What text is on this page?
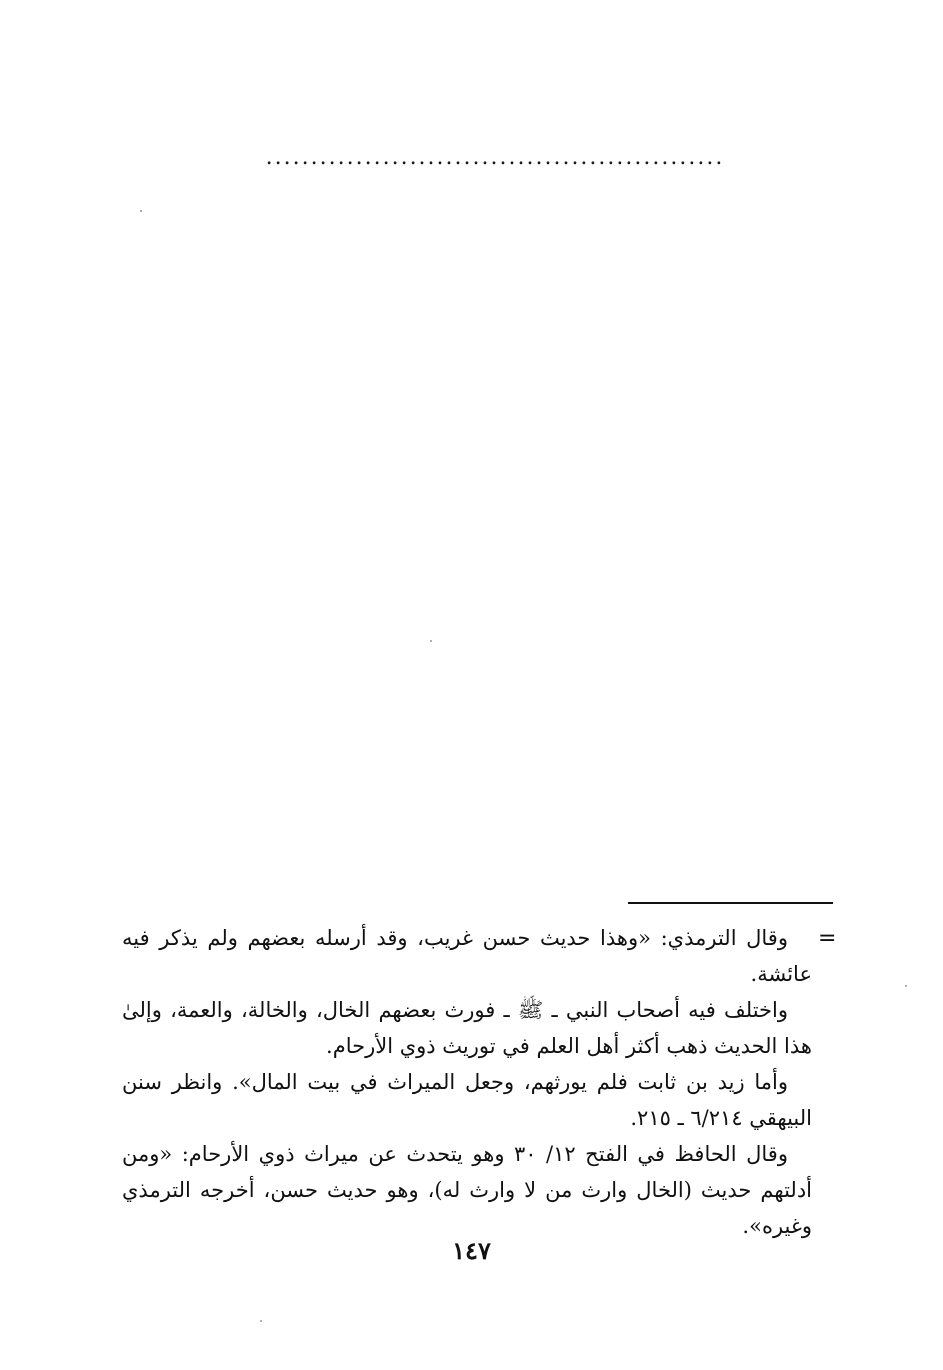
...................................................
=

وقال الترمذي: «وهذا حديث حسن غريب، وقد أرسله بعضهم ولم يذكر فيه عائشة.

واختلف فيه أصحاب النبي ـ ﷺ ـ فورث بعضهم الخال، والخالة، والعمة، وإلىٰ هذا الحديث ذهب أكثر أهل العلم في توريث ذوي الأرحام.

وأما زيد بن ثابت فلم يورثهم، وجعل الميراث في بيت المال». وانظر سنن البيهقي ٦/٢١٤ ـ ٢١٥.

وقال الحافظ في الفتح ١٢/ ٣٠ وهو يتحدث عن ميراث ذوي الأرحام: «ومن أدلتهم حديث (الخال وارث من لا وارث له)، وهو حديث حسن، أخرجه الترمذي وغيره».

١٤٧
